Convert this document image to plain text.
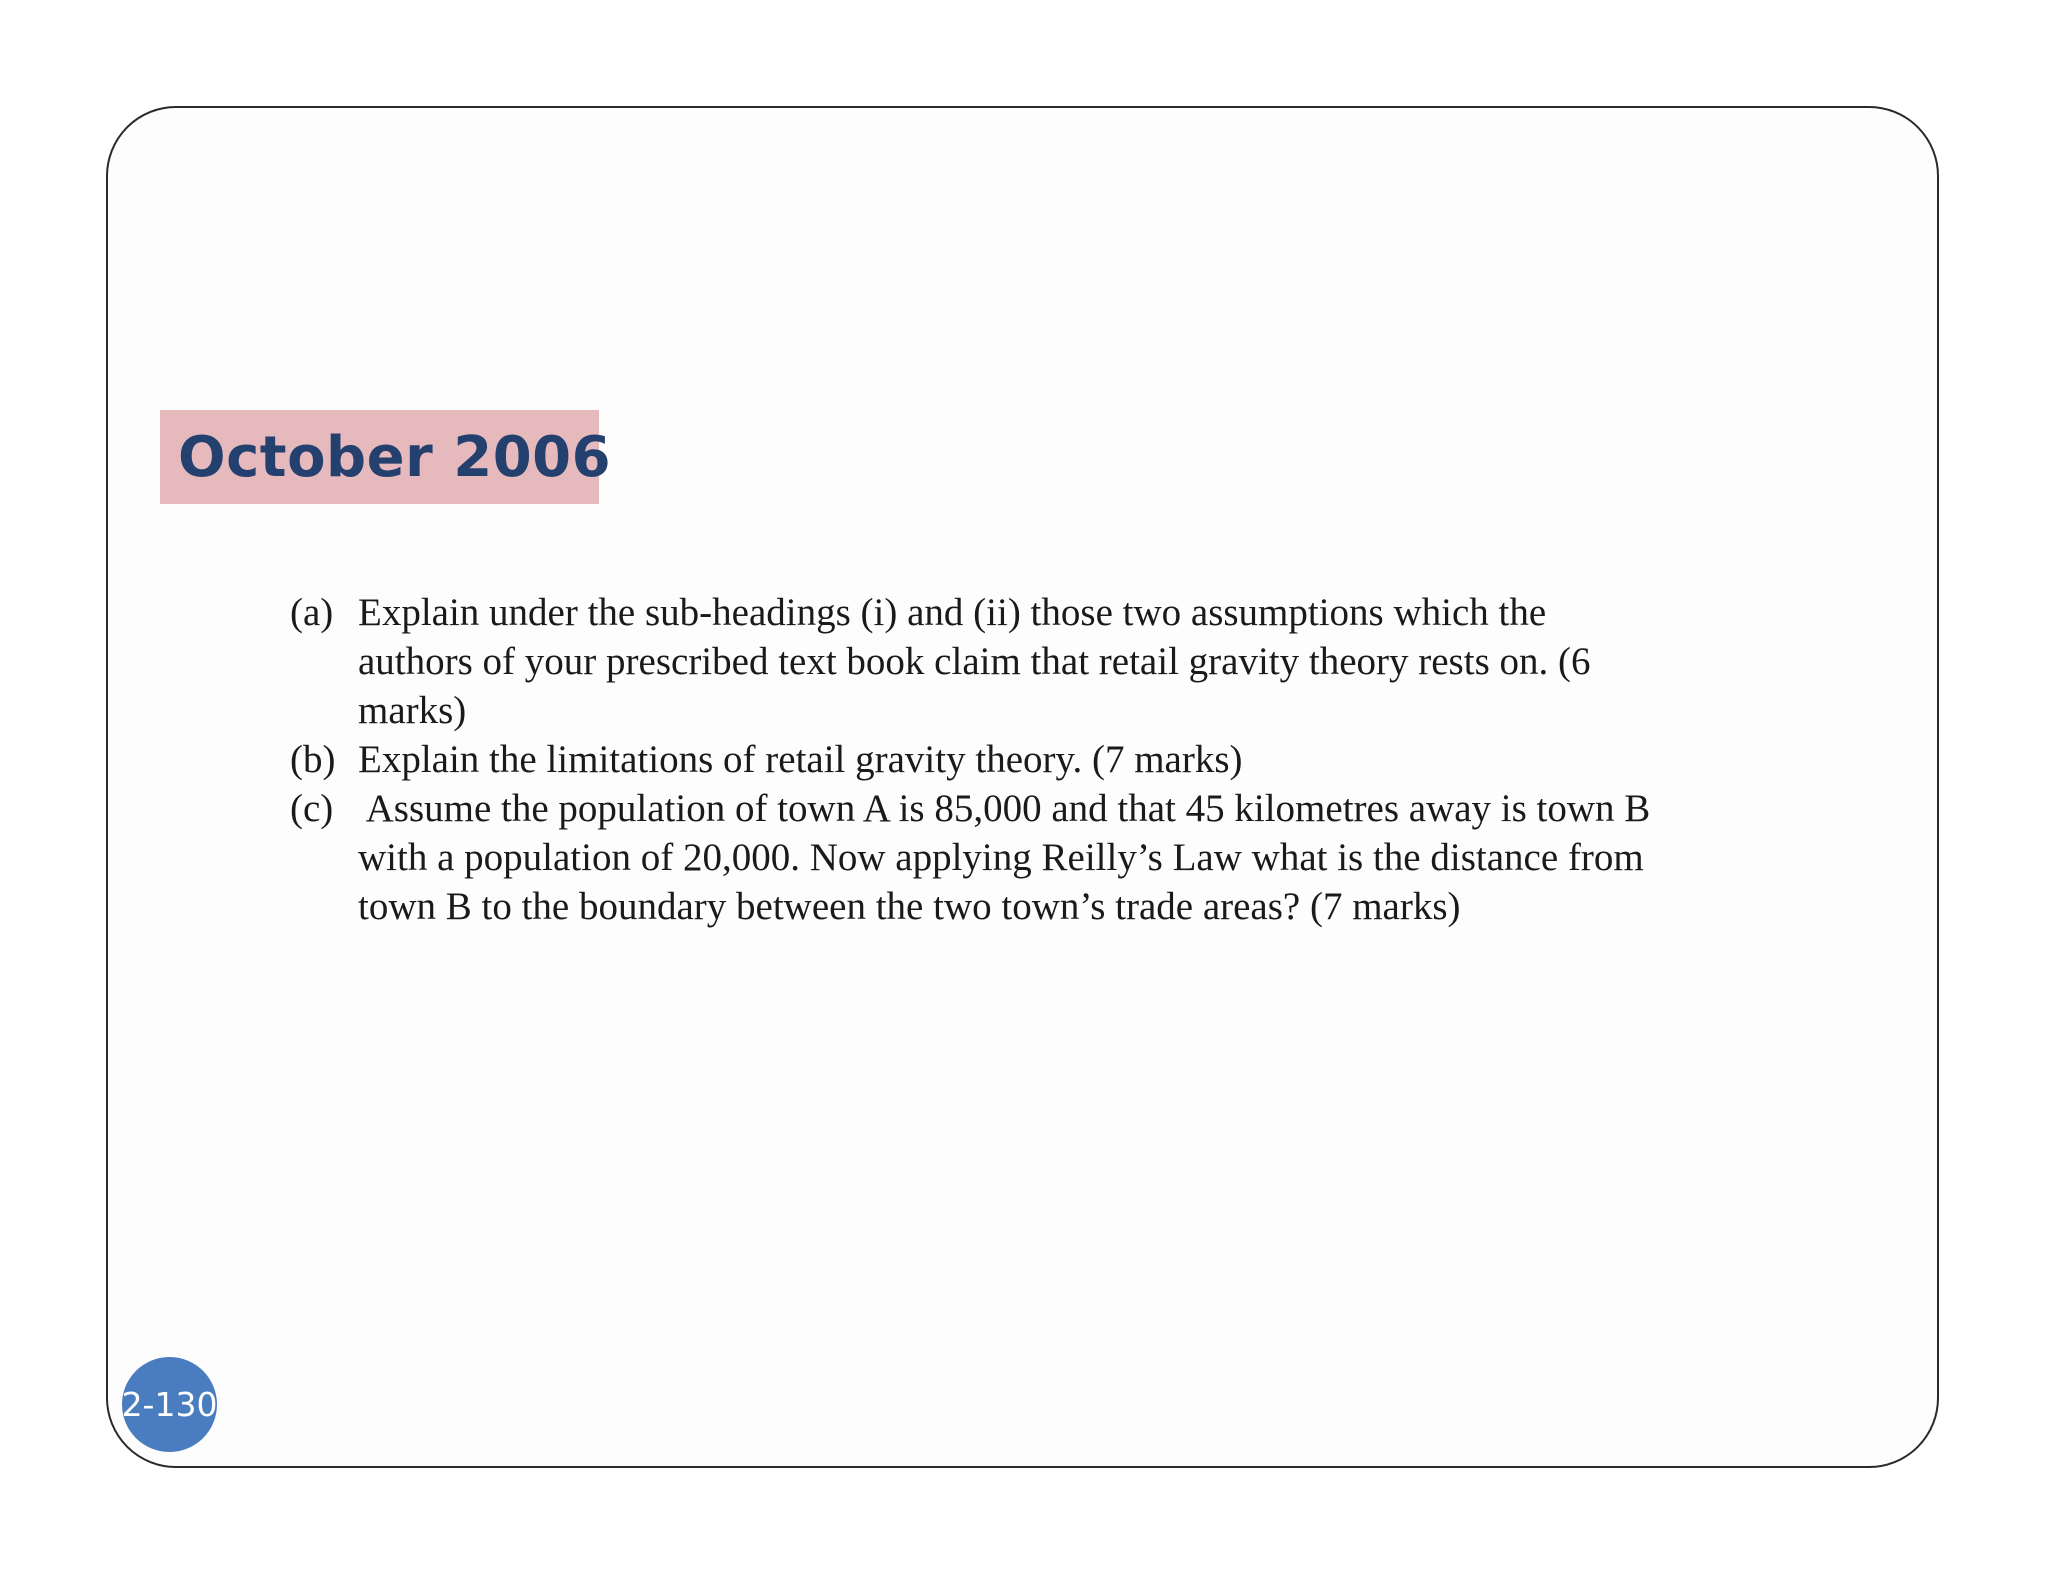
October 2006
(a) Explain under the sub-headings (i) and (ii) those two assumptions which the
authors of your prescribed text book claim that retail gravity theory rests on. (6
marks)
(b) Explain the limitations of retail gravity theory. (7 marks)
(c) Assume the population of town A is 85,000 and that 45 kilometres away is town B
with a population of 20,000. Now applying Reilly’s Law what is the distance from
town B to the boundary between the two town’s trade areas? (7 marks)
2-130
